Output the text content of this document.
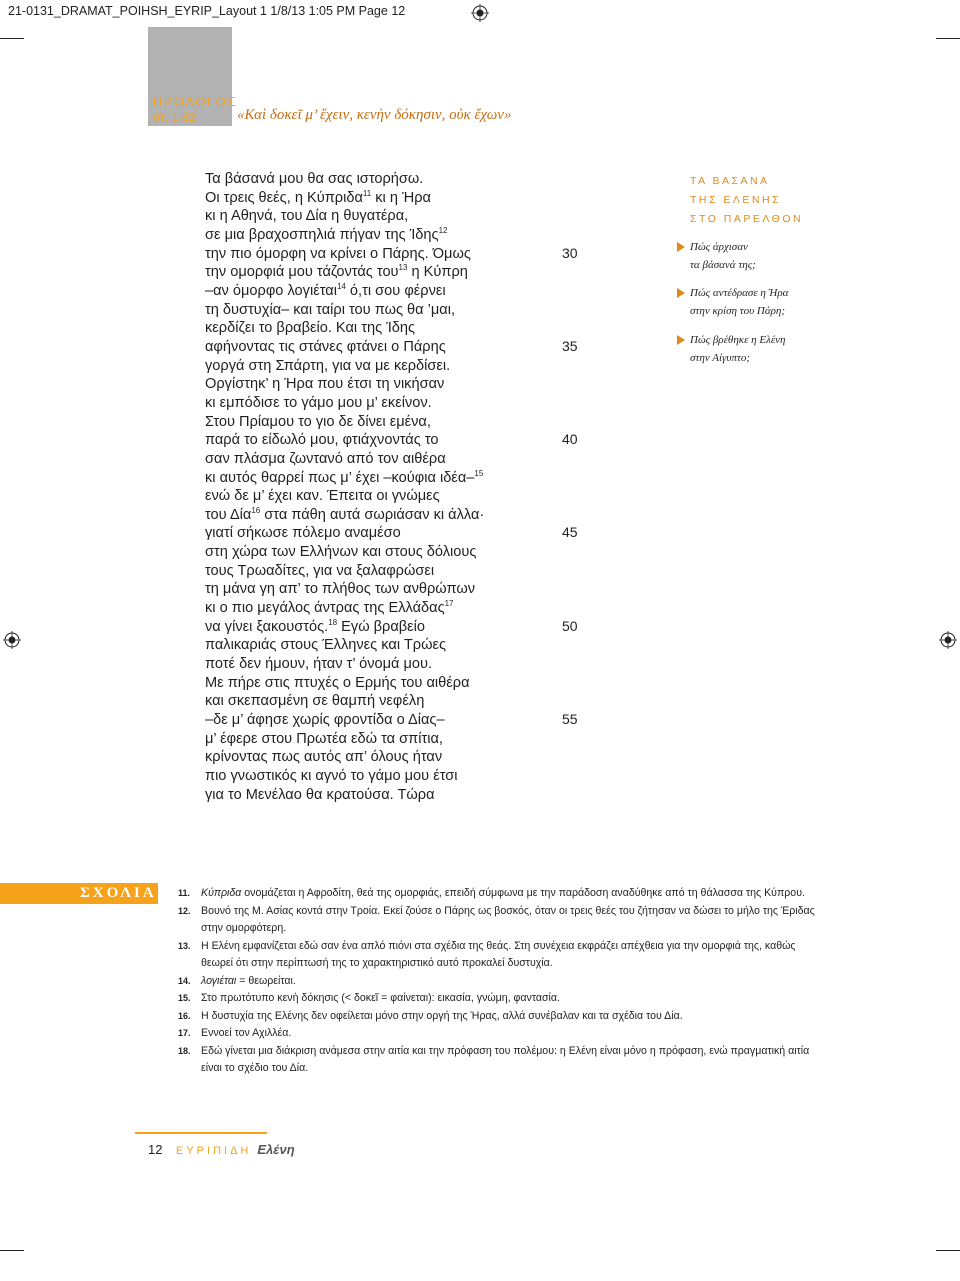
21-0131_DRAMAT_POIHSH_EYRIP_Layout 1 1/8/13 1:05 PM Page 12
ΠΡΟΛΟΓΟΣ
στ. 1-82	«Καὶ δοκεῖ μ’ ἔχειν, κενὴν δόκησιν, οὐκ ἔχων»
Τα βάσανά μου θα σας ιστορήσω.
Οι τρεις θεές, η Κύπριδα$^{11}$ κι η Ήρα
κι η Αθηνά, του Δία η θυγατέρα,
σε μια βραχοσπηλιά πήγαν της Ίδης$^{12}$
την πιο όμορφη να κρίνει ο Πάρης. Όμως
την ομορφιά μου τάζοντάς του$^{13}$ η Κύπρη
–αν όμορφο λογιέται$^{14}$ ό,τι σου φέρνει
τη δυστυχία– και ταίρι του πως θα ’μαι,
κερδίζει το βραβείο. Και της Ίδης
αφήνοντας τις στάνες φτάνει ο Πάρης
γοργά στη Σπάρτη, για να με κερδίσει.
Οργίστηκ’ η Ήρα που έτσι τη νικήσαν
κι εμπόδισε το γάμο μου μ’ εκείνον.
Στου Πρίαμου το γιο δε δίνει εμένα,
παρά το είδωλό μου, φτιάχνοντάς το
σαν πλάσμα ζωντανό από τον αιθέρα
κι αυτός θαρρεί πως μ’ έχει –κούφια ιδέα–$^{15}$
ενώ δε μ’ έχει καν. Έπειτα οι γνώμες
του Δία$^{16}$ στα πάθη αυτά σωριάσαν κι άλλα·
γιατί σήκωσε πόλεμο αναμέσο
στη χώρα των Ελλήνων και στους δόλιους
τους Τρωαδίτες, για να ξαλαφρώσει
τη μάνα γη απ’ το πλήθος των ανθρώπων
κι ο πιο μεγάλος άντρας της Ελλάδας$^{17}$
να γίνει ξακουστός.$^{18}$ Εγώ βραβείο
παλικαριάς στους Έλληνες και Τρώες
ποτέ δεν ήμουν, ήταν τ’ όνομά μου.
Με πήρε στις πτυχές ο Ερμής του αιθέρα
και σκεπασμένη σε θαμπή νεφέλη
–δε μ’ άφησε χωρίς φροντίδα ο Δίας–
μ’ έφερε στου Πρωτέα εδώ τα σπίτια,
κρίνοντας πως αυτός απ’ όλους ήταν
πιο γνωστικός κι αγνό το γάμο μου έτσι
για το Μενέλαο θα κρατούσα. Τώρα
30
35
40
45
50
55
ΤΑ ΒΑΣΑΝΑ
ΤΗΣ ΕΛΕΝΗΣ
ΣΤΟ ΠΑΡΕΛΘΟΝ
Πώς άρχισαν
τα βάσανά της;
Πώς αντέδρασε η Ήρα
στην κρίση του Πάρη;
Πώς βρέθηκε η Ελένη
στην Αίγυπτο;
ΣΧΟΛΙΑ 11. Κύπριδα ονομάζεται η Αφροδίτη, θεά της ομορφιάς, επειδή σύμφωνα με την παράδοση αναδύθηκε από τη θάλασσα της Κύπρου.
12. Βουνό της Μ. Ασίας κοντά στην Τροία. Εκεί ζούσε ο Πάρης ως βοσκός, όταν οι τρεις θεές του ζήτησαν να δώσει το μήλο της Έριδας στην ομορφότερη.
13. Η Ελένη εμφανίζεται εδώ σαν ένα απλό πιόνι στα σχέδια της θεάς. Στη συνέχεια εκφράζει απέχθεια για την ομορφιά της, καθώς θεωρεί ότι στην περίπτωσή της το χαρακτηριστικό αυτό προκαλεί δυστυχία.
14. λογιέται = θεωρείται.
15. Στο πρωτότυπο κενὴ δόκησις (< δοκεῖ = φαίνεται): εικασία, γνώμη, φαντασία.
16. Η δυστυχία της Ελένης δεν οφείλεται μόνο στην οργή της Ήρας, αλλά συνέβαλαν και τα σχέδια του Δία.
17. Εννοεί τον Αχιλλέα.
18. Εδώ γίνεται μια διάκριση ανάμεσα στην αιτία και την πρόφαση του πολέμου: η Ελένη είναι μόνο η πρόφαση, ενώ πραγματική αιτία είναι το σχέδιο του Δία.
12 ΕΥΡΙΠΙΔΗ Ελένη
